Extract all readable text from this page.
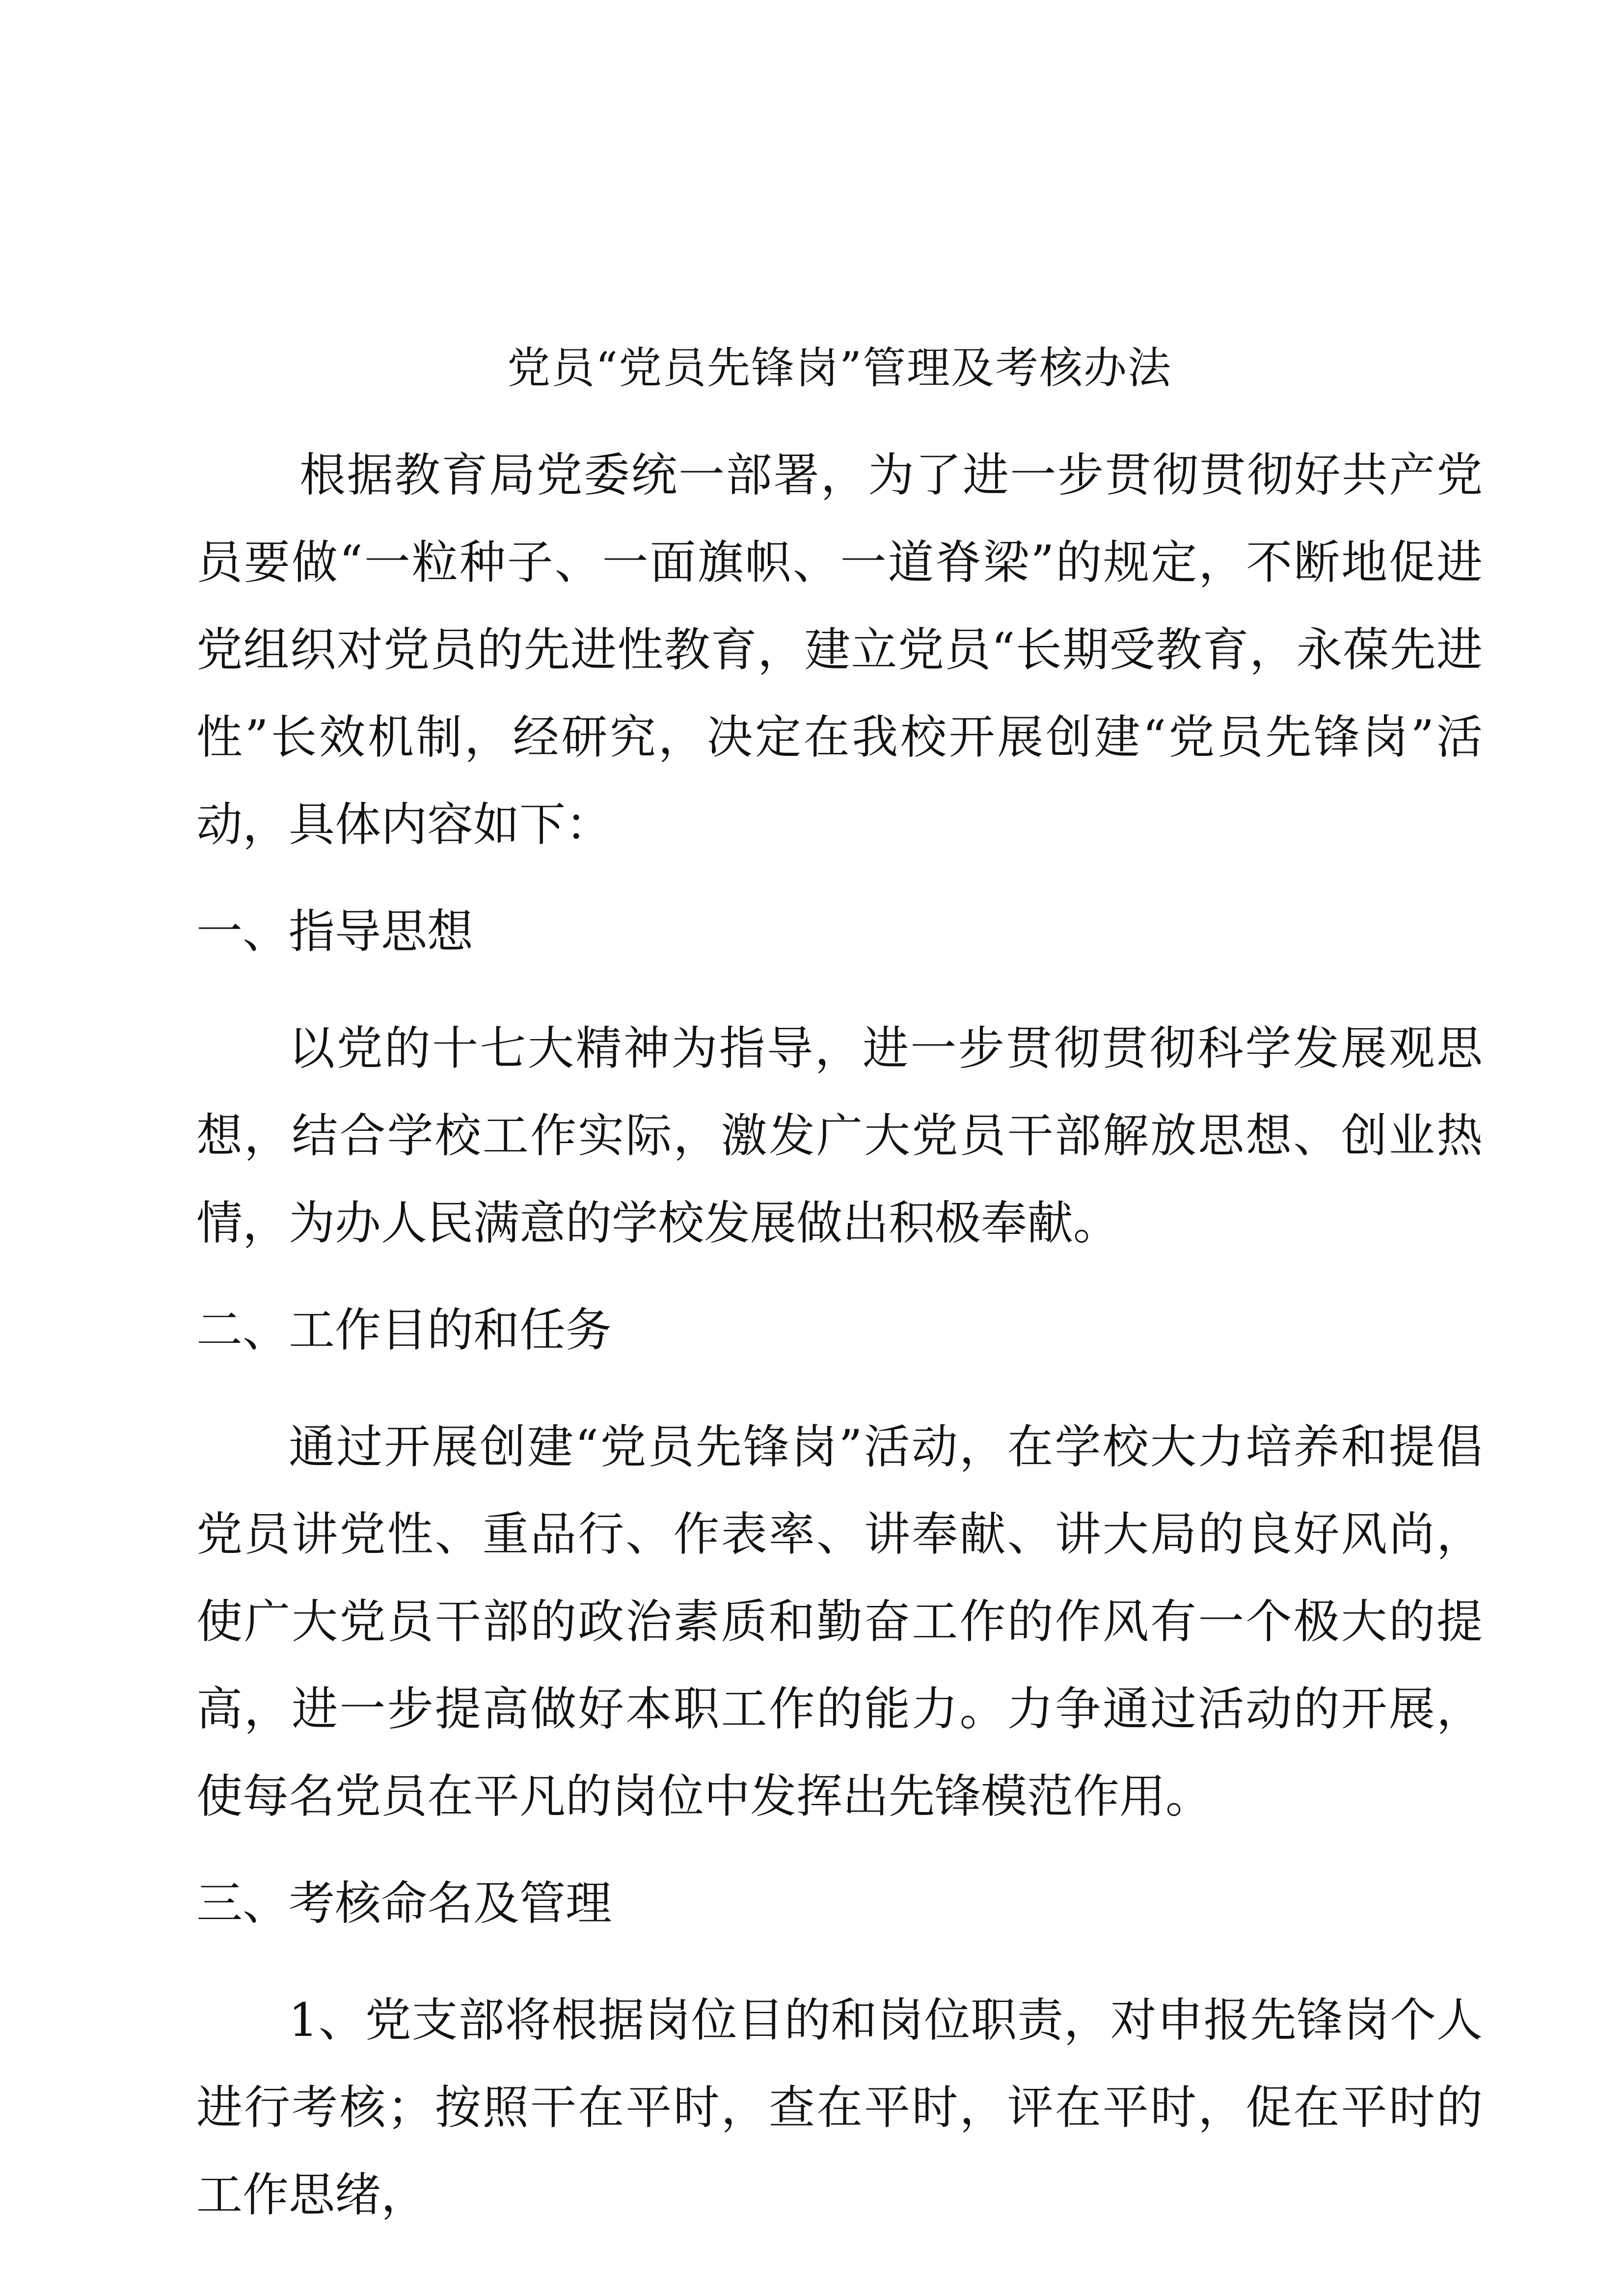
党员“党员先锋岗”管理及考核办法

根据教育局党委统一部署，为了进一步贯彻贯彻好共产党员要做“一粒种子、一面旗帜、一道脊梁”的规定，不断地促进党组织对党员的先进性教育，建立党员“长期受教育，永葆先进性”长效机制，经研究，决定在我校开展创建“党员先锋岗”活动，具体内容如下：

一、指导思想

以党的十七大精神为指导，进一步贯彻贯彻科学发展观思想，结合学校工作实际，激发广大党员干部解放思想、创业热情，为办人民满意的学校发展做出积极奉献。

二、工作目的和任务

通过开展创建“党员先锋岗”活动，在学校大力培养和提倡党员讲党性、重品行、作表率、讲奉献、讲大局的良好风尚，使广大党员干部的政治素质和勤奋工作的作风有一个极大的提高，进一步提高做好本职工作的能力。力争通过活动的开展，使每名党员在平凡的岗位中发挥出先锋模范作用。

三、考核命名及管理

1、党支部将根据岗位目的和岗位职责，对申报先锋岗个人进行考核；按照干在平时，查在平时，评在平时，促在平时的工作思绪，
